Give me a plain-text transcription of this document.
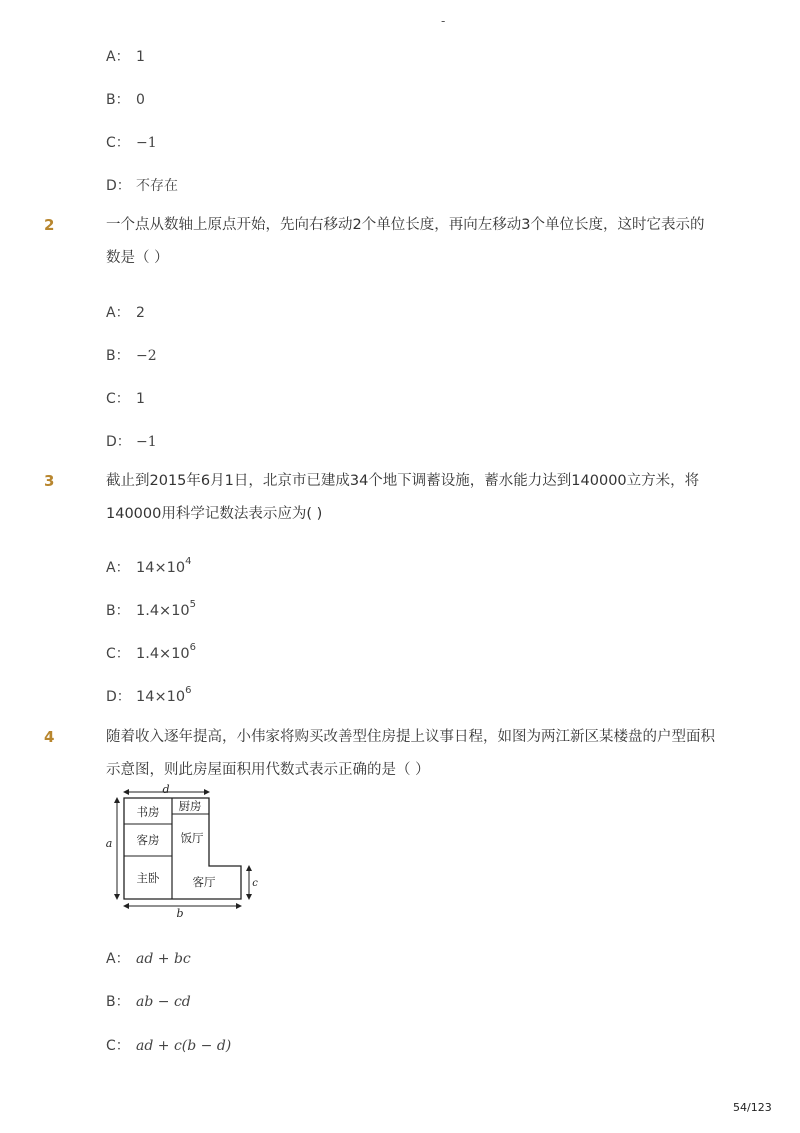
-
A： 1
B： 0
C： −1
D： 不存在
2	一个点从数轴上原点开始，先向右移动2个单位长度，再向左移动3个单位长度，这时它表示的数是（ ）
A： 2
B： −2
C： 1
D： −1
3	截止到2015年6月1日，北京市已建成34个地下调蓄设施，蓄水能力达到140000立方米，将140000用科学记数法表示应为( )
A： $14\times 10^4$
B： $1.4\times 10^5$
C： $1.4\times 10^6$
D： $14\times 10^6$
4	随着收入逐年提高，小伟家将购买改善型住房提上议事日程，如图为两江新区某楼盘的户型面积示意图，则此房屋面积用代数式表示正确的是（ ）
书房 厨房
客房 饭厅
主卧	客厅
d
a
c
b
A： ad + bc
B： ab − cd
C： ad + c(b − d)
54/123
